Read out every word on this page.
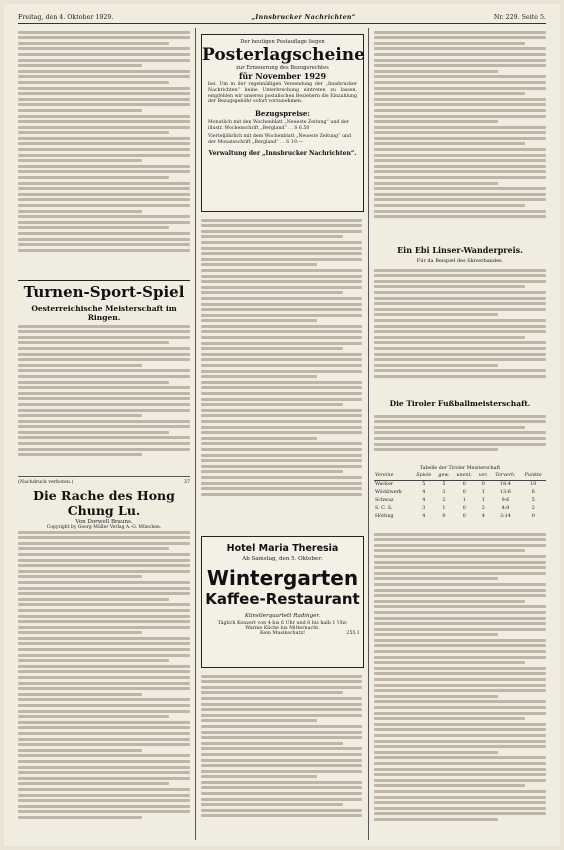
Freitag, den 4. Oktober 1929.	„Innsbrucker Nachrichten“	Nr. 229. Seite 5.
Turnen-Sport-Spiel
Oesterreichische Meisterschaft im Ringen.
Der heutigen Postauflage liegen
Posterlagscheine
zur Erneuerung des Bezugsrechtes
für November 1929
bei. Um in der regelmäßigen Versendung der „Innsbrucker Nachrichten“ keine Unterbrechung eintreten zu lassen, empfehlen wir unseren postalischen Beziehern die Einzahlung der Bezugsgebühr sofort vorzunehmen.
Bezugspreise:
Monatlich mit den Wochenblatt „Neueste Zeitung“ und der illustr. Wochenschrift „Bergland“ . . S 6.50
Vierteljährlich mit dem Wochenblatt „Neueste Zeitung“ und der Monatsschrift „Bergland“ . . S 19.—
Verwaltung der „Innsbrucker Nachrichten“.
Hotel Maria Theresia
Ab Samstag, den 5. Oktober:
Wintergarten
Kaffee-Restaurant
Künstlerquartett Radinger.
Täglich Konzert von 4 bis 6 Uhr und 8 bis halb 1 Uhr.
Warme Küche bis Mitternacht.
Kein Musikschutz!	255 I
Ein Ebi Linser-Wanderpreis.
Für da Beispiel des Skiverbandes.
Die Tiroler Fußballmeisterschaft.
Tabelle der Tiroler Meisterschaft
Vereine	Spiele	gew.	unent.	ver.	Torverh.	Punkte
Wacker	5	5	0	0	18:4	10
Wöcklwerk	4	3	0	1	13:6	6
Schwaz	4	2	1	1	9:6	5
S. C. S.	3	1	0	2	4:9	2
Hötting	4	0	0	4	3:14	0
(Nachdruck verboten.)	37
Die Rache des Hong Chung Lu.
Von Dorwell Brauns.
Copyright by Georg Müller Verlag A.-G. München.
